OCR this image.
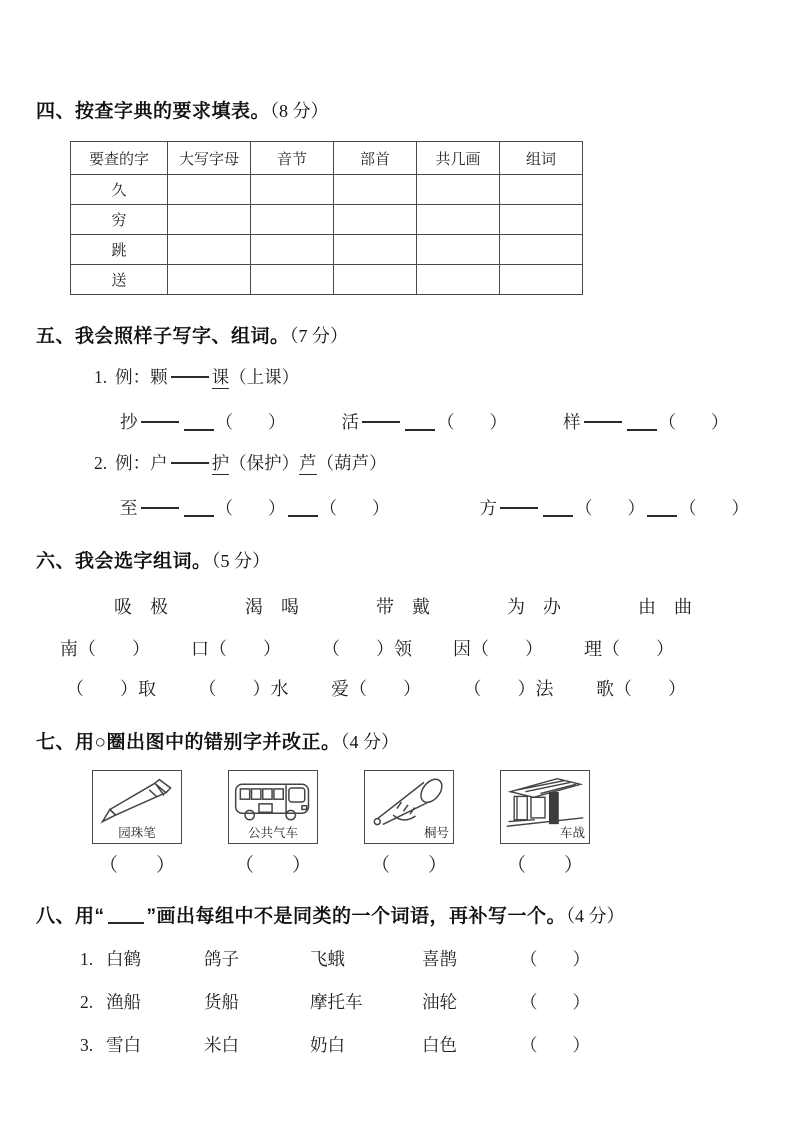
四、按查字典的要求填表。（8 分）
要查的字	大写字母	音节	部首	共几画	组词
久					
穷					
跳					
送					
五、我会照样子写字、组词。（7 分）
1. 例：颗	课（上课）
抄	（　　）	活	（　　）	样	（　　）
2. 例：户	护（保护）芦（葫芦）
至	（　　） （　　）	方	（　　） （　　）
六、我会选字组词。（5 分）
吸　极	渴　喝	带　戴	为　办	由　曲
南（　　） 口（　　） （　　）领 因（　　） 理（　　）
（　　）取 （　　）水 爱（　　） （　　）法 歌（　　）
七、用○圈出图中的错别字并改正。（4 分）
园珠笔	公共气车	桐号	车战
（　　）	（　　）	（　　）	（　　）
八、用“ ”画出每组中不是同类的一个词语，再补写一个。（4 分）
1. 白鹤	鸽子	飞蛾	喜鹊	（　　）
2. 渔船	货船	摩托车	油轮	（　　）
3. 雪白	米白	奶白	白色	（　　）
